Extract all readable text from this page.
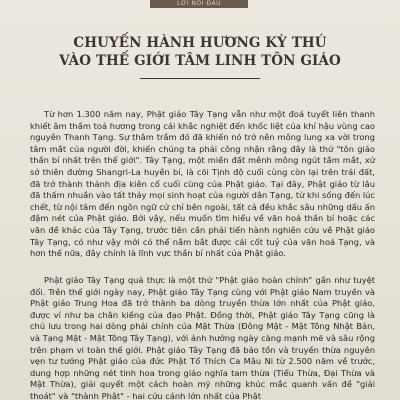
LỜI NÓI ĐẦU
CHUYẾN HÀNH HƯƠNG KỲ THÚ
VÀO THẾ GIỚI TÂM LINH TÔN GIÁO

Từ hơn 1.300 năm nay, Phật giáo Tây Tạng vẫn như một đoá tuyết liên thanh khiết âm thầm toả hương trong cái khắc nghiệt đến khốc liệt của khí hậu vùng cao nguyên Thanh Tạng. Sự thâm trầm đó đã khiến nó trở nên mông lung xa vời trong tâm mắt của người đời, khiến chúng ta phải công nhận rằng đây là thứ "tôn giáo thần bí nhất trên thế giới". Tây Tạng, một miền đất mênh mông ngút tầm mắt, xứ sở thiên đường Shangri-La huyền bí, là cõi Tịnh độ cuối cùng còn lại trên trái đất, đã trở thành thánh địa kiên cố cuối cùng của Phật giáo. Tại đây, Phật giáo từ lâu đã thấm nhuần vào tất thảy mọi sinh hoạt của người dân Tạng, từ khi sống đến lúc chết, từ nội tâm đến ngôn ngữ cử chỉ bên ngoài, tất cả đều khắc sâu những dấu ấn đậm nét của Phật giáo. Bởi vậy, nếu muốn tìm hiểu về văn hoá thần bí hoặc các văn đề khác của Tây Tạng, trước tiên cần phải tiến hành nghiên cứu về Phật giáo Tây Tạng, có như vậy mới có thể nắm bắt được cái cốt tuỷ của văn hoá Tạng, và hơn thế nữa, đây chính là lĩnh vực thần bí nhất của Phật giáo.

Phật giáo Tây Tạng quả thực là một thứ "Phật giáo hoàn chỉnh" gần như tuyệt đối. Trên thế giới ngày nay, Phật giáo Tây Tạng cùng với Phật giáo Nam truyền và Phật giáo Trung Hoa đã trở thành ba dòng truyền thừa lớn nhất của Phật giáo, được ví như ba chân kiềng của đạo Phật. Đồng thời, Phật giáo Tây Tạng cũng là chủ lưu trong hai dòng phái chính của Mật Thừa (Đông Mật - Mật Tông Nhật Bản, và Tạng Mật - Mật Tông Tây Tạng), với ảnh hưởng ngày càng mạnh mẽ và sâu rộng trên phạm vi toàn thế giới. Phật giáo Tây Tạng đã bảo tồn và truyền thừa nguyên vẹn tư tưởng Phật giáo của đức Phật Tổ Thích Ca Mâu Ni từ 2.500 năm về trước, dung hợp những nét tinh hoa trong giáo nghĩa tam thừa (Tiểu Thừa, Đại Thừa và Mật Thừa), giải quyết một cách hoàn mỹ những khúc mắc quanh vấn đề "giải thoát" và "thành Phật" - hai cứu cánh lớn nhất của Phật
